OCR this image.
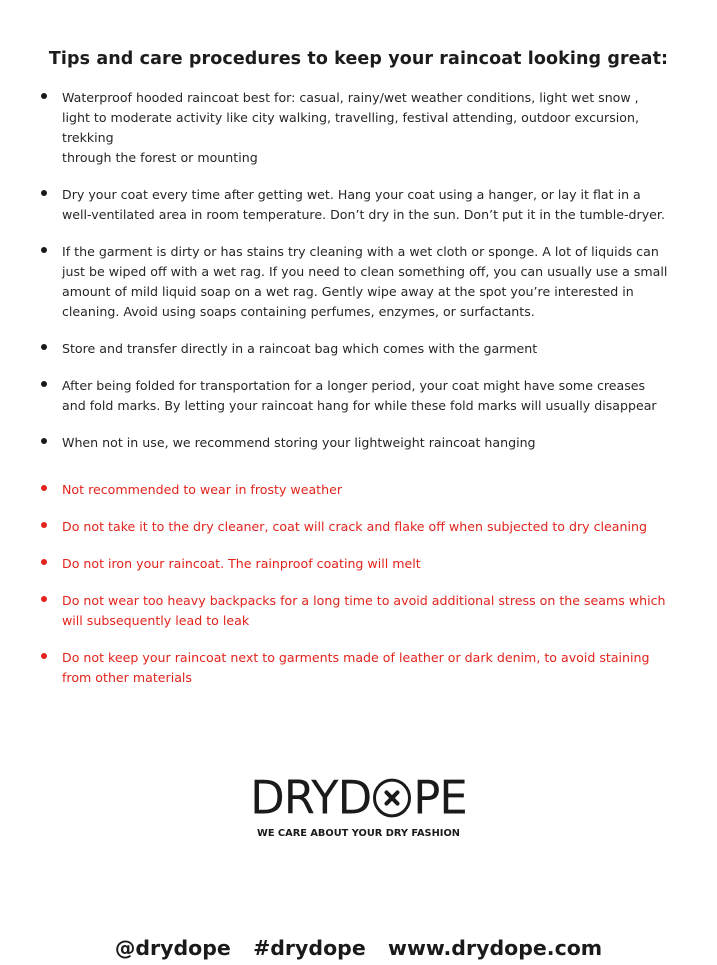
Tips and care procedures to keep your raincoat looking great:
Waterproof hooded raincoat best for: casual, rainy/wet weather conditions, light wet snow , light to moderate activity like city walking, travelling, festival attending, outdoor excursion, trekking
through the forest or mounting
Dry your coat every time after getting wet. Hang your coat using a hanger, or lay it flat in a
well-ventilated area in room temperature. Don’t dry in the sun. Don’t put it in the tumble-dryer.
If the garment is dirty or has stains try cleaning with a wet cloth or sponge. A lot of liquids can just be wiped off with a wet rag. If you need to clean something off, you can usually use a small amount of mild liquid soap on a wet rag. Gently wipe away at the spot you’re interested in cleaning. Avoid using soaps containing perfumes, enzymes, or surfactants.
Store and transfer directly in a raincoat bag which comes with the garment
After being folded for transportation for a longer period, your coat might have some creases and fold marks. By letting your raincoat hang for while these fold marks will usually disappear
When not in use, we recommend storing your lightweight raincoat hanging
Not recommended to wear in frosty weather
Do not take it to the dry cleaner, coat will crack and flake off when subjected to dry cleaning
Do not iron your raincoat. The rainproof coating will melt
Do not wear too heavy backpacks for a long time to avoid additional stress on the seams which will subsequently lead to leak
Do not keep your raincoat next to garments made of leather or dark denim, to avoid staining
from other materials
DRYD PE
WE CARE ABOUT YOUR DRY FASHION
@drydope  #drydope  www.drydope.com
